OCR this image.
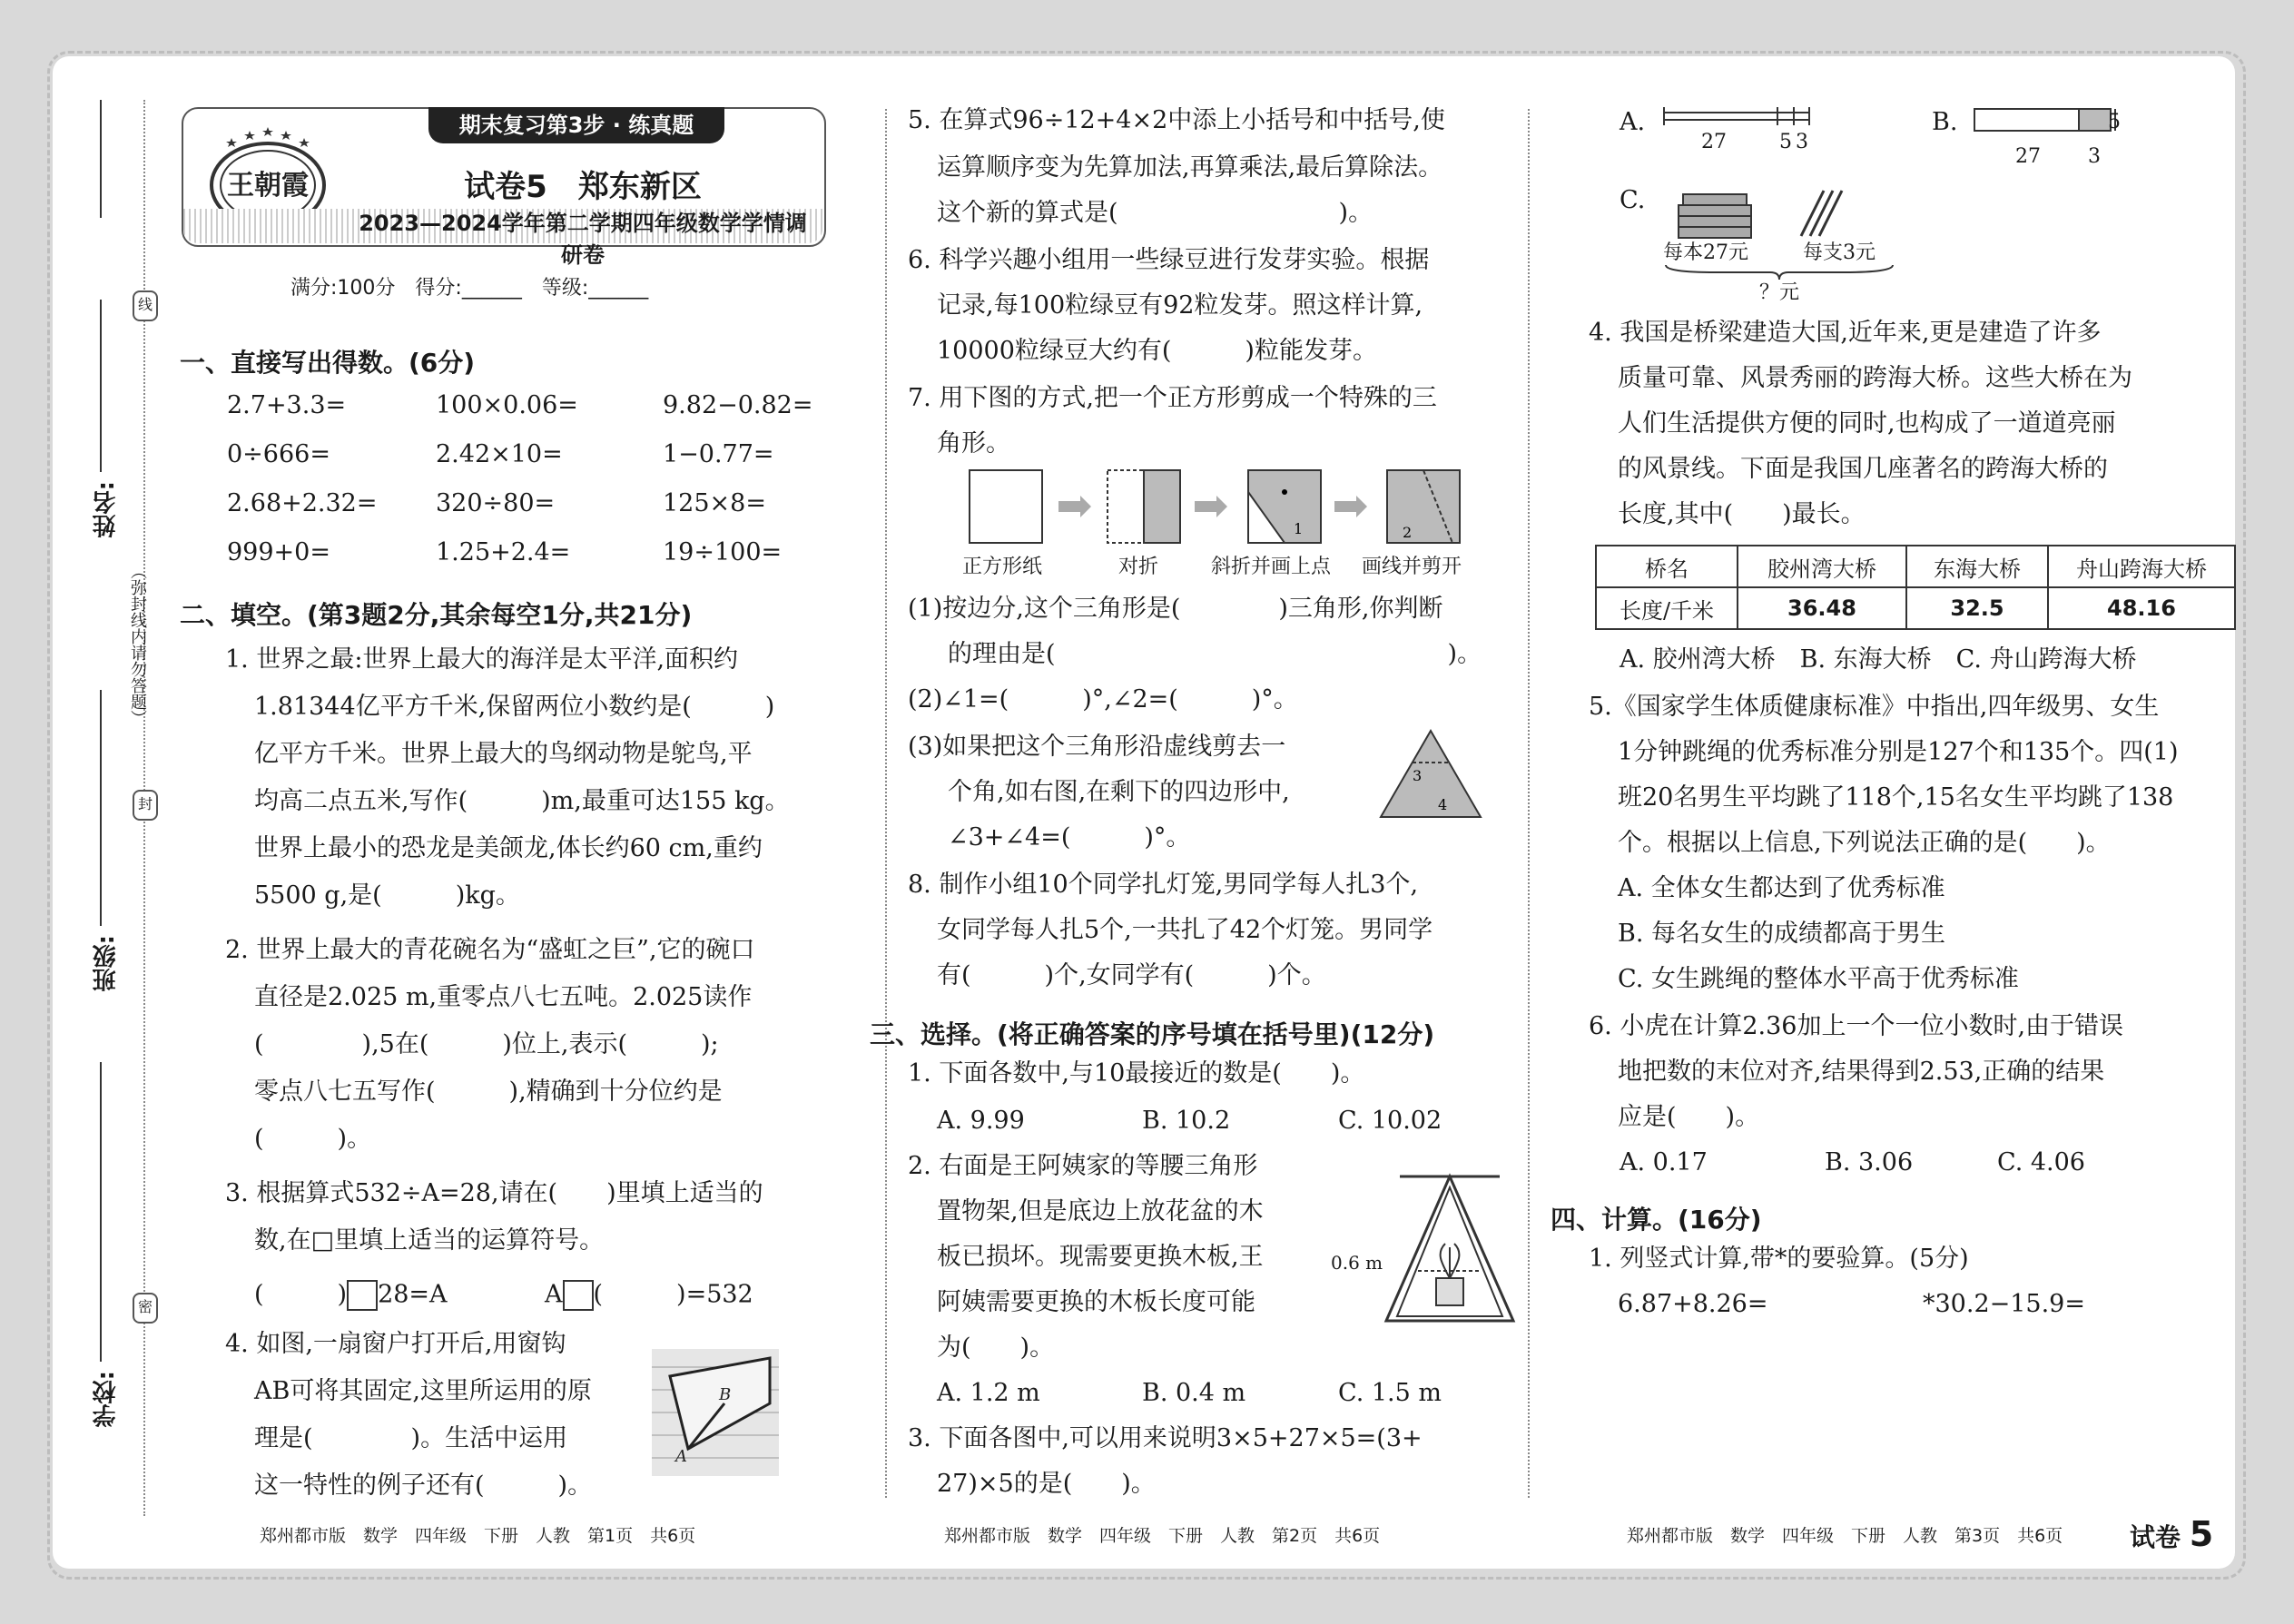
姓名:
班级:
学校:
线
封
密
（弥封线内请勿答题）
王朝霞
期末复习第3步 · 练真题
试卷5　郑东新区
2023—2024学年第二学期四年级数学学情调研卷
满分:100分　得分:______　等级:______
一、直接写出得数。(6分)
2.7+3.3=	100×0.06=	9.82−0.82=
0÷666=	2.42×10=	1−0.77=
2.68+2.32= 320÷80=	125×8=
999+0=	1.25+2.4=	19÷100=
二、填空。(第3题2分,其余每空1分,共21分)
1. 世界之最:世界上最大的海洋是太平洋,面积约
1.81344亿平方千米,保留两位小数约是(　　　)
亿平方千米。世界上最大的鸟纲动物是鸵鸟,平
均高二点五米,写作(　　　)m,最重可达155 kg。
世界上最小的恐龙是美颌龙,体长约60 cm,重约
5500 g,是(　　　)kg。
2. 世界上最大的青花碗名为“盛虹之巨”,它的碗口
直径是2.025 m,重零点八七五吨。2.025读作
(　　　　),5在(　　　)位上,表示(　　　);
零点八七五写作(　　　),精确到十分位约是
(　　　)。
3. 根据算式532÷A=28,请在(　　)里填上适当的
数,在□里填上适当的运算符号。
(　　　) 28=A	A (　　　)=532
4. 如图,一扇窗户打开后,用窗钩
AB可将其固定,这里所运用的原
理是(　　　　)。生活中运用
这一特性的例子还有(　　　)。
B
A
5. 在算式96÷12+4×2中添上小括号和中括号,使
运算顺序变为先算加法,再算乘法,最后算除法。
这个新的算式是(　　　　　　　　　)。
6. 科学兴趣小组用一些绿豆进行发芽实验。根据
记录,每100粒绿豆有92粒发芽。照这样计算,
10000粒绿豆大约有(　　　)粒能发芽。
7. 用下图的方式,把一个正方形剪成一个特殊的三
角形。
1	2
正方形纸	对折	斜折并画上点 画线并剪开
(1)按边分,这个三角形是(　　　　)三角形,你判断
的理由是(　　　　　　　　　　　　　　　　)。
(2)∠1=(　　　)°,∠2=(　　　)°。
(3)如果把这个三角形沿虚线剪去一
个角,如右图,在剩下的四边形中,
∠3+∠4=(　　　)°。
3
4
8. 制作小组10个同学扎灯笼,男同学每人扎3个,
女同学每人扎5个,一共扎了42个灯笼。男同学
有(　　　)个,女同学有(　　　)个。
三、选择。(将正确答案的序号填在括号里)(12分)
1. 下面各数中,与10最接近的数是(　　)。
A. 9.99	B. 10.2	C. 10.02
2. 右面是王阿姨家的等腰三角形
置物架,但是底边上放花盆的木
板已损坏。现需要更换木板,王
阿姨需要更换的木板长度可能
为(　　)。
0.6 m
A. 1.2 m	B. 0.4 m	C. 1.5 m
3. 下面各图中,可以用来说明3×5+27×5=(3+
27)×5的是(　　)。
A.
27	5 3
B.	5
27 3
C.
每本27元	每支3元
？元
4. 我国是桥梁建造大国,近年来,更是建造了许多
质量可靠、风景秀丽的跨海大桥。这些大桥在为
人们生活提供方便的同时,也构成了一道道亮丽
的风景线。下面是我国几座著名的跨海大桥的
长度,其中(　　)最长。
桥名	胶州湾大桥	东海大桥	舟山跨海大桥
长度/千米	36.48	32.5	48.16
A. 胶州湾大桥　B. 东海大桥　C. 舟山跨海大桥
5.《国家学生体质健康标准》中指出,四年级男、女生
1分钟跳绳的优秀标准分别是127个和135个。四(1)
班20名男生平均跳了118个,15名女生平均跳了138
个。根据以上信息,下列说法正确的是(　　)。
A. 全体女生都达到了优秀标准
B. 每名女生的成绩都高于男生
C. 女生跳绳的整体水平高于优秀标准
6. 小虎在计算2.36加上一个一位小数时,由于错误
地把数的末位对齐,结果得到2.53,正确的结果
应是(　　)。
A. 0.17	B. 3.06	C. 4.06
四、计算。(16分)
1. 列竖式计算,带*的要验算。(5分)
6.87+8.26=	*30.2−15.9=
郑州都市版　数学　四年级　下册　人教　第1页　共6页	郑州都市版　数学　四年级　下册　人教　第2页　共6页	郑州都市版　数学　四年级　下册　人教　第3页　共6页	试卷 5
